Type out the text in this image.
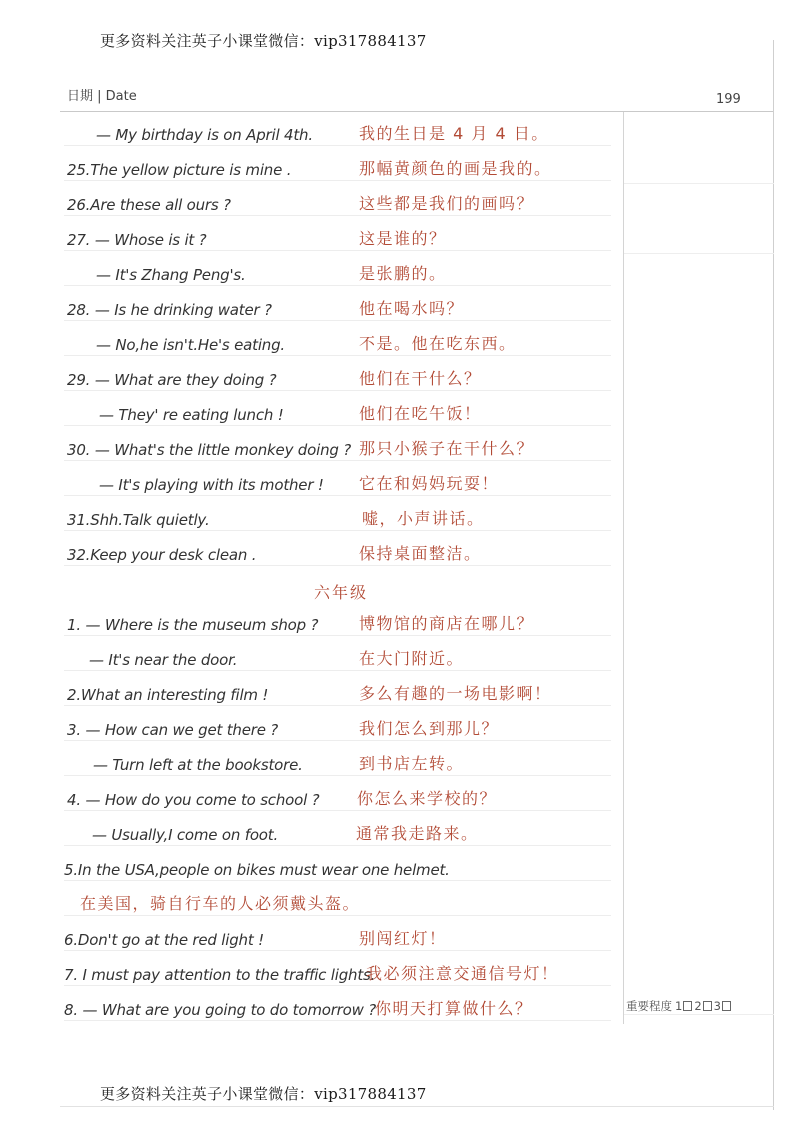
更多资料关注英子小课堂微信：vip317884137
日期 | Date	199
重要程度 1 2 3
六年级
— My birthday is on April 4th.	我的生日是 4 月 4 日。
25.The yellow picture is mine .	那幅黄颜色的画是我的。
26.Are these all ours ?	这些都是我们的画吗？
27. — Whose is it ?	这是谁的？
— It's Zhang Peng's.	是张鹏的。
28. — Is he drinking water ?	他在喝水吗？
— No,he isn't.He's eating.	不是。他在吃东西。
29. — What are they doing ?	他们在干什么？
— They' re eating lunch !	他们在吃午饭！
30. — What's the little monkey doing ? 那只小猴子在干什么？
— It's playing with its mother ! 它在和妈妈玩耍！
31.Shh.Talk quietly.	嘘，小声讲话。
32.Keep your desk clean .	保持桌面整洁。
1. — Where is the museum shop ?	博物馆的商店在哪儿？
— It's near the door.	在大门附近。
2.What an interesting film !	多么有趣的一场电影啊！
3. — How can we get there ?	我们怎么到那儿？
— Turn left at the bookstore.	到书店左转。
4. — How do you come to school ? 你怎么来学校的？
— Usually,I come on foot.	通常我走路来。
5.In the USA,people on bikes must wear one helmet.
在美国，骑自行车的人必须戴头盔。
6.Don't go at the red light !	别闯红灯！
7. I must pay attention to the traffic lights.
我必须注意交通信号灯！
8. — What are you going to do tomorrow ?
你明天打算做什么？
更多资料关注英子小课堂微信：vip317884137
